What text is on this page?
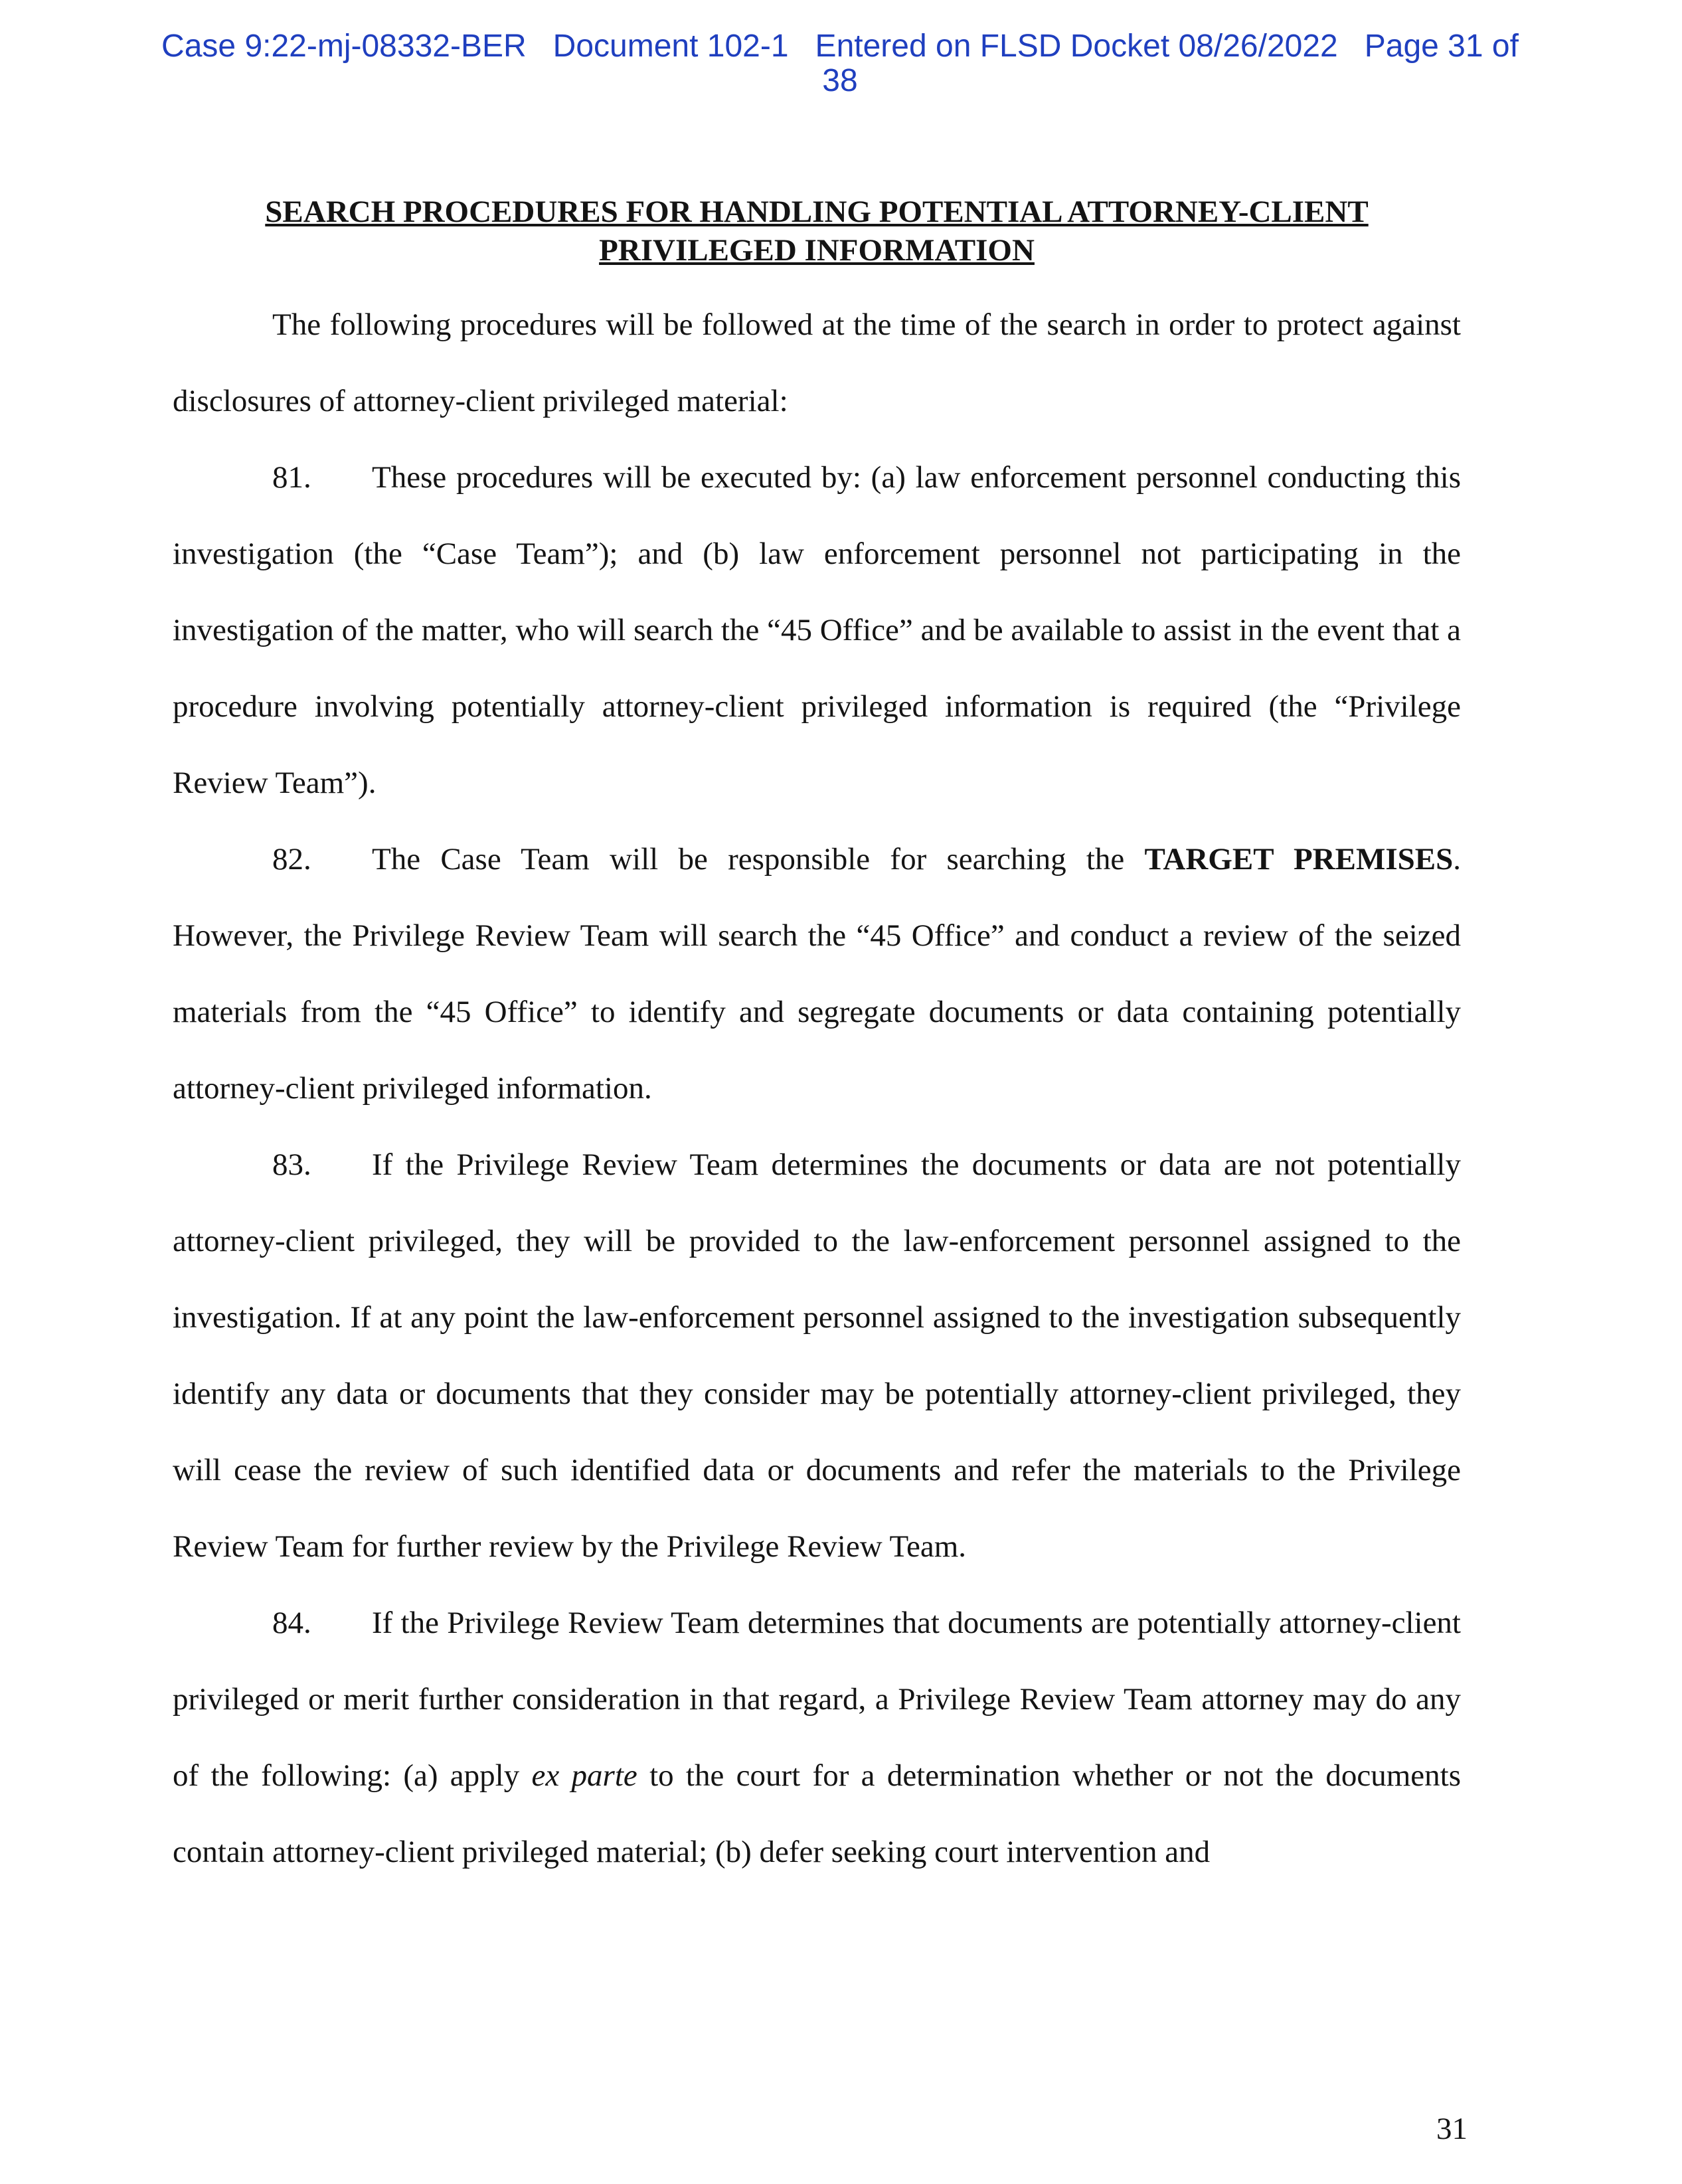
Case 9:22-mj-08332-BER Document 102-1 Entered on FLSD Docket 08/26/2022 Page 31 of
38
SEARCH PROCEDURES FOR HANDLING POTENTIAL ATTORNEY-CLIENT
PRIVILEGED INFORMATION

The following procedures will be followed at the time of the search in order to protect against disclosures of attorney-client privileged material:

81. These procedures will be executed by: (a) law enforcement personnel conducting this investigation (the “Case Team”); and (b) law enforcement personnel not participating in the investigation of the matter, who will search the “45 Office” and be available to assist in the event that a procedure involving potentially attorney-client privileged information is required (the “Privilege Review Team”).

82. The Case Team will be responsible for searching the TARGET PREMISES. However, the Privilege Review Team will search the “45 Office” and conduct a review of the seized materials from the “45 Office” to identify and segregate documents or data containing potentially attorney-client privileged information.

83. If the Privilege Review Team determines the documents or data are not potentially attorney-client privileged, they will be provided to the law-enforcement personnel assigned to the investigation. If at any point the law-enforcement personnel assigned to the investigation subsequently identify any data or documents that they consider may be potentially attorney-client privileged, they will cease the review of such identified data or documents and refer the materials to the Privilege Review Team for further review by the Privilege Review Team.

84. If the Privilege Review Team determines that documents are potentially attorney-client privileged or merit further consideration in that regard, a Privilege Review Team attorney may do any of the following: (a) apply ex parte to the court for a determination whether or not the documents contain attorney-client privileged material; (b) defer seeking court intervention and

31
